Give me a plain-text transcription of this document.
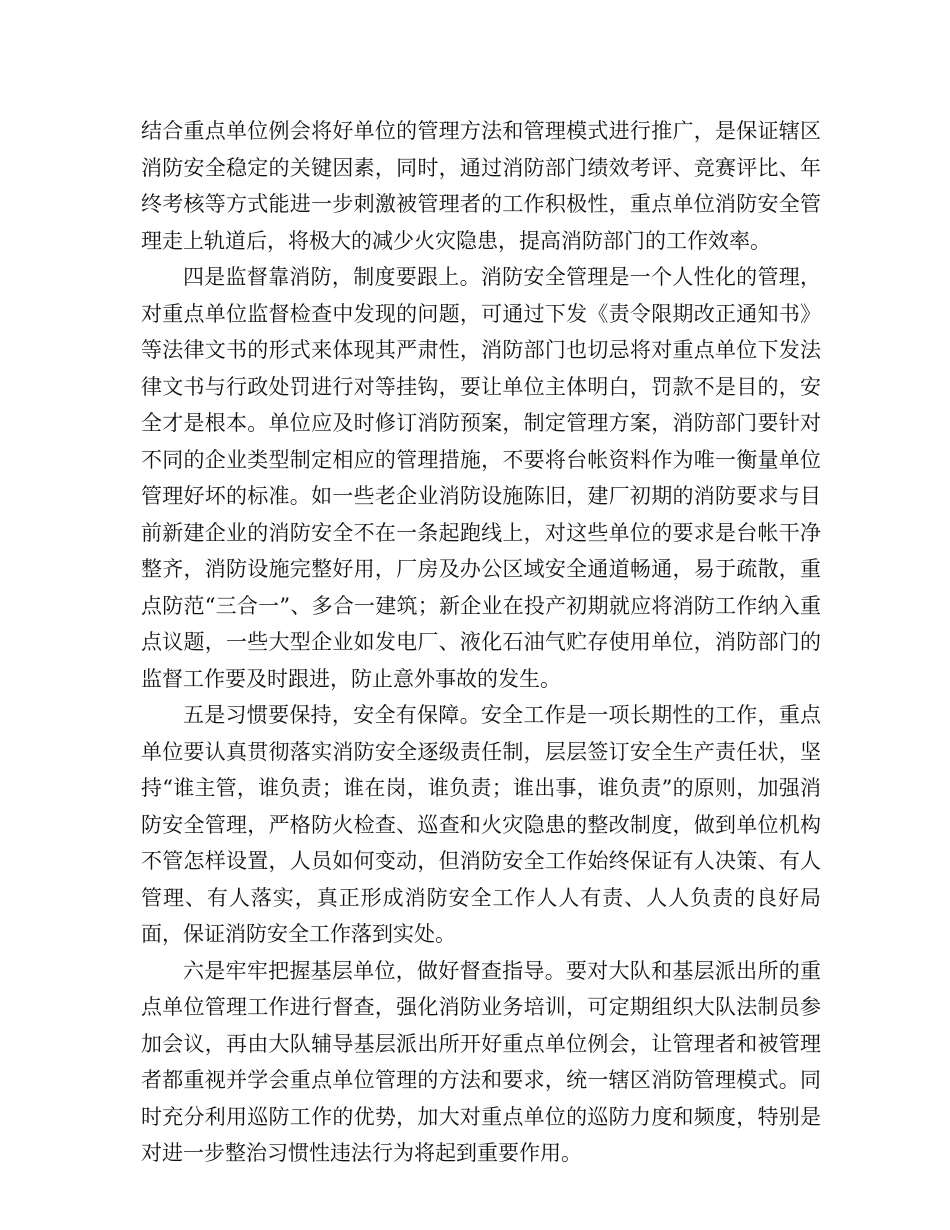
结合重点单位例会将好单位的管理方法和管理模式进行推广，是保证辖区消防安全稳定的关键因素，同时，通过消防部门绩效考评、竞赛评比、年终考核等方式能进一步刺激被管理者的工作积极性，重点单位消防安全管理走上轨道后，将极大的减少火灾隐患，提高消防部门的工作效率。

四是监督靠消防，制度要跟上。消防安全管理是一个人性化的管理，对重点单位监督检查中发现的问题，可通过下发《责令限期改正通知书》等法律文书的形式来体现其严肃性，消防部门也切忌将对重点单位下发法律文书与行政处罚进行对等挂钩，要让单位主体明白，罚款不是目的，安全才是根本。单位应及时修订消防预案，制定管理方案，消防部门要针对不同的企业类型制定相应的管理措施，不要将台帐资料作为唯一衡量单位管理好坏的标准。如一些老企业消防设施陈旧，建厂初期的消防要求与目前新建企业的消防安全不在一条起跑线上，对这些单位的要求是台帐干净整齐，消防设施完整好用，厂房及办公区域安全通道畅通，易于疏散，重点防范“三合一”、多合一建筑；新企业在投产初期就应将消防工作纳入重点议题，一些大型企业如发电厂、液化石油气贮存使用单位，消防部门的监督工作要及时跟进，防止意外事故的发生。

五是习惯要保持，安全有保障。安全工作是一项长期性的工作，重点单位要认真贯彻落实消防安全逐级责任制，层层签订安全生产责任状，坚持“谁主管，谁负责；谁在岗，谁负责；谁出事，谁负责”的原则，加强消防安全管理，严格防火检查、巡查和火灾隐患的整改制度，做到单位机构不管怎样设置，人员如何变动，但消防安全工作始终保证有人决策、有人管理、有人落实，真正形成消防安全工作人人有责、人人负责的良好局面，保证消防安全工作落到实处。

六是牢牢把握基层单位，做好督查指导。要对大队和基层派出所的重点单位管理工作进行督查，强化消防业务培训，可定期组织大队法制员参加会议，再由大队辅导基层派出所开好重点单位例会，让管理者和被管理者都重视并学会重点单位管理的方法和要求，统一辖区消防管理模式。同时充分利用巡防工作的优势，加大对重点单位的巡防力度和频度，特别是对进一步整治习惯性违法行为将起到重要作用。
